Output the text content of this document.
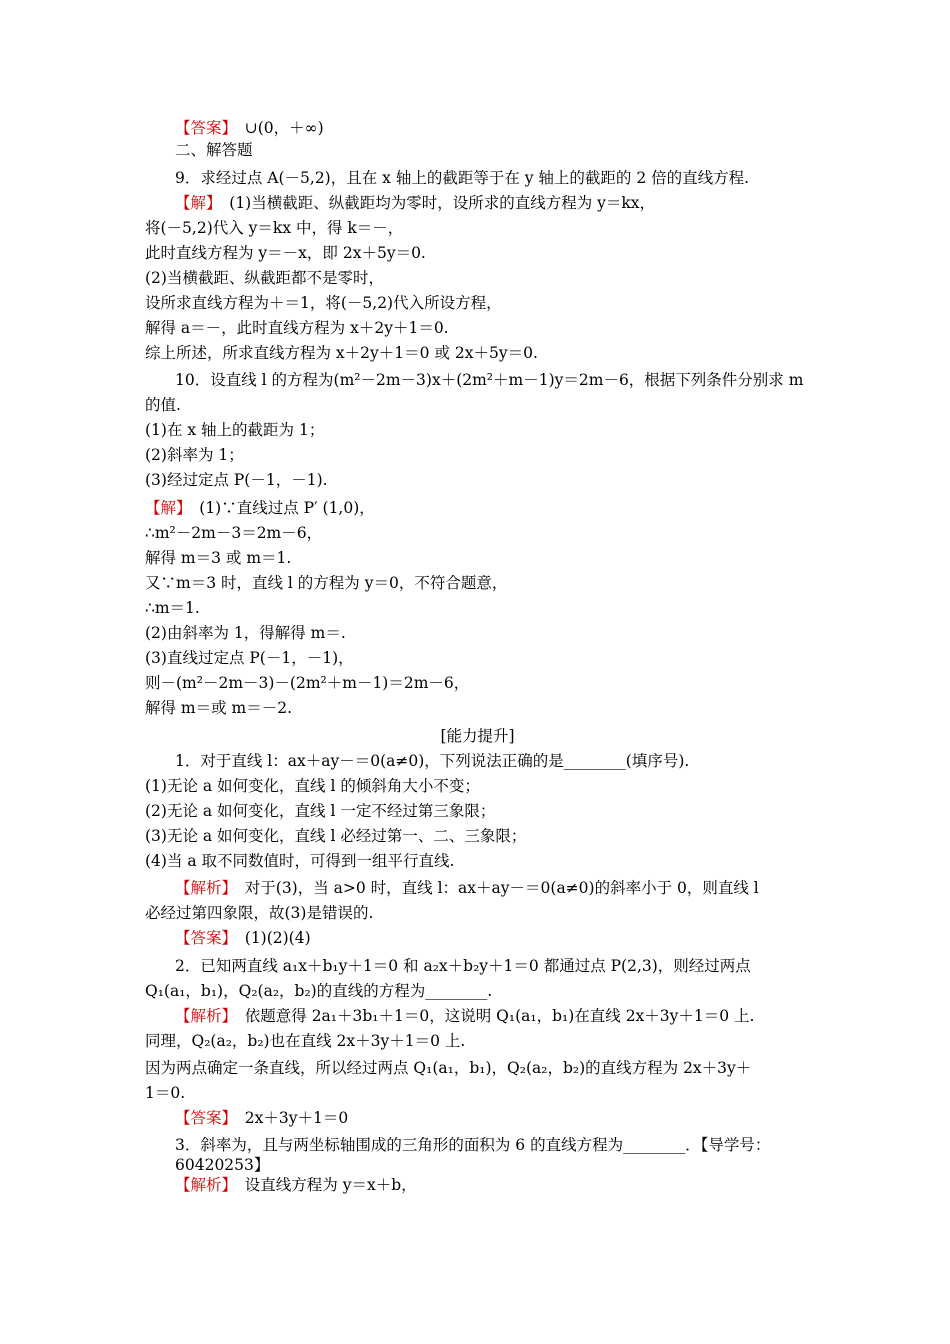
【答案】　∪(0，＋∞)
二、解答题
9．求经过点 A(－5,2)，且在 x 轴上的截距等于在 y 轴上的截距的 2 倍的直线方程.
【解】　(1)当横截距、纵截距均为零时，设所求的直线方程为 y＝kx，
将(－5,2)代入 y＝kx 中，得 k＝－，
此时直线方程为 y＝－x，即 2x＋5y＝0.
(2)当横截距、纵截距都不是零时，
设所求直线方程为＋＝1，将(－5,2)代入所设方程，
解得 a＝－，此时直线方程为 x＋2y＋1＝0.
综上所述，所求直线方程为 x＋2y＋1＝0 或 2x＋5y＝0.
10．设直线 l 的方程为(m²－2m－3)x＋(2m²＋m－1)y＝2m－6，根据下列条件分别求 m
的值.
(1)在 x 轴上的截距为 1；
(2)斜率为 1；
(3)经过定点 P(－1，－1).
【解】　(1)∵直线过点 P′ (1,0)，
∴m²－2m－3＝2m－6，
解得 m＝3 或 m＝1.
又∵m＝3 时，直线 l 的方程为 y＝0，不符合题意，
∴m＝1.
(2)由斜率为 1，得解得 m＝.
(3)直线过定点 P(－1，－1)，
则－(m²－2m－3)－(2m²＋m－1)＝2m－6，
解得 m＝或 m＝－2.
[能力提升]
1．对于直线 l：ax＋ay－＝0(a≠0)，下列说法正确的是________(填序号).
(1)无论 a 如何变化，直线 l 的倾斜角大小不变；
(2)无论 a 如何变化，直线 l 一定不经过第三象限；
(3)无论 a 如何变化，直线 l 必经过第一、二、三象限；
(4)当 a 取不同数值时，可得到一组平行直线.
【解析】　对于(3)，当 a>0 时，直线 l：ax＋ay－＝0(a≠0)的斜率小于 0，则直线 l
必经过第四象限，故(3)是错误的.
【答案】　(1)(2)(4)
2．已知两直线 a₁x＋b₁y＋1＝0 和 a₂x＋b₂y＋1＝0 都通过点 P(2,3)，则经过两点
Q₁(a₁，b₁)，Q₂(a₂，b₂)的直线的方程为________.
【解析】　依题意得 2a₁＋3b₁＋1＝0，这说明 Q₁(a₁，b₁)在直线 2x＋3y＋1＝0 上.
同理，Q₂(a₂，b₂)也在直线 2x＋3y＋1＝0 上.
因为两点确定一条直线，所以经过两点 Q₁(a₁，b₁)，Q₂(a₂，b₂)的直线方程为 2x＋3y＋
1＝0.
【答案】　2x＋3y＋1＝0
3．斜率为，且与两坐标轴围成的三角形的面积为 6 的直线方程为________．【导学号：60420253】
【解析】　设直线方程为 y＝x＋b，
